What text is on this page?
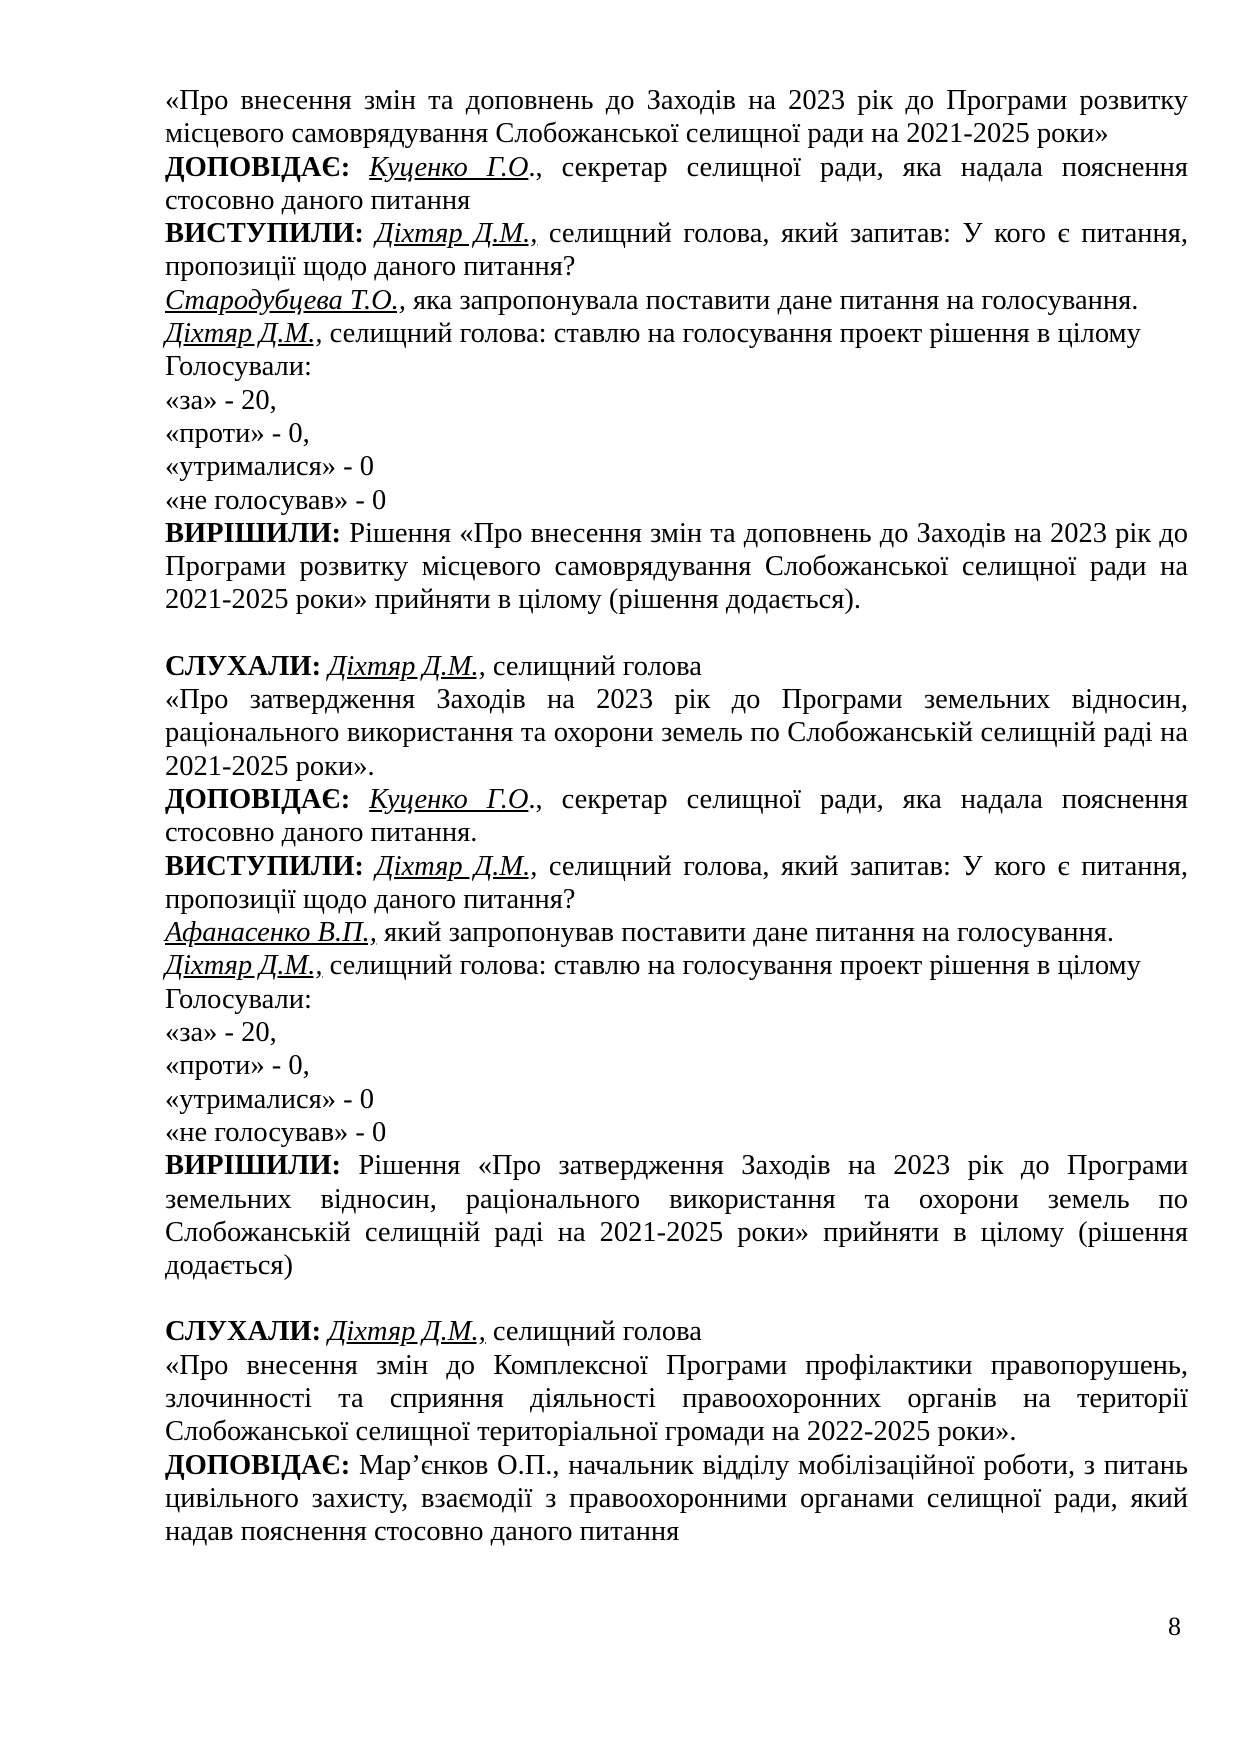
«Про внесення змін та доповнень до Заходів на 2023 рік до Програми розвитку місцевого самоврядування Слобожанської селищної ради на 2021-2025 роки»

ДОПОВІДАЄ: Куценко Г.О., секретар селищної ради, яка надала пояснення стосовно даного питання

ВИСТУПИЛИ: Діхтяр Д.М., селищний голова, який запитав: У кого є питання, пропозиції щодо даного питання?

Стародубцева Т.О., яка запропонувала поставити дане питання на голосування.

Діхтяр Д.М., селищний голова: ставлю на голосування проект рішення в цілому

Голосували:

«за» - 20,

«проти» - 0,

«утрималися» - 0

«не голосував» - 0

ВИРІШИЛИ: Рішення «Про внесення змін та доповнень до Заходів на 2023 рік до Програми розвитку місцевого самоврядування Слобожанської селищної ради на 2021-2025 роки» прийняти в цілому (рішення додається).

СЛУХАЛИ: Діхтяр Д.М., селищний голова

«Про затвердження Заходів на 2023 рік до Програми земельних відносин, раціонального використання та охорони земель по Слобожанській селищній раді на 2021-2025 роки».

ДОПОВІДАЄ: Куценко Г.О., секретар селищної ради, яка надала пояснення стосовно даного питання.

ВИСТУПИЛИ: Діхтяр Д.М., селищний голова, який запитав: У кого є питання, пропозиції щодо даного питання?

Афанасенко В.П., який запропонував поставити дане питання на голосування.

Діхтяр Д.М., селищний голова: ставлю на голосування проект рішення в цілому

Голосували:

«за» - 20,

«проти» - 0,

«утрималися» - 0

«не голосував» - 0

ВИРІШИЛИ: Рішення «Про затвердження Заходів на 2023 рік до Програми земельних відносин, раціонального використання та охорони земель по Слобожанській селищній раді на 2021-2025 роки» прийняти в цілому (рішення додається)

СЛУХАЛИ: Діхтяр Д.М., селищний голова

«Про внесення змін до Комплексної Програми профілактики правопорушень, злочинності та сприяння діяльності правоохоронних органів на території Слобожанської селищної територіальної громади на 2022-2025 роки».

ДОПОВІДАЄ: Мар’єнков О.П., начальник відділу мобілізаційної роботи, з питань цивільного захисту, взаємодії з правоохоронними органами селищної ради, який надав пояснення стосовно даного питання

8
